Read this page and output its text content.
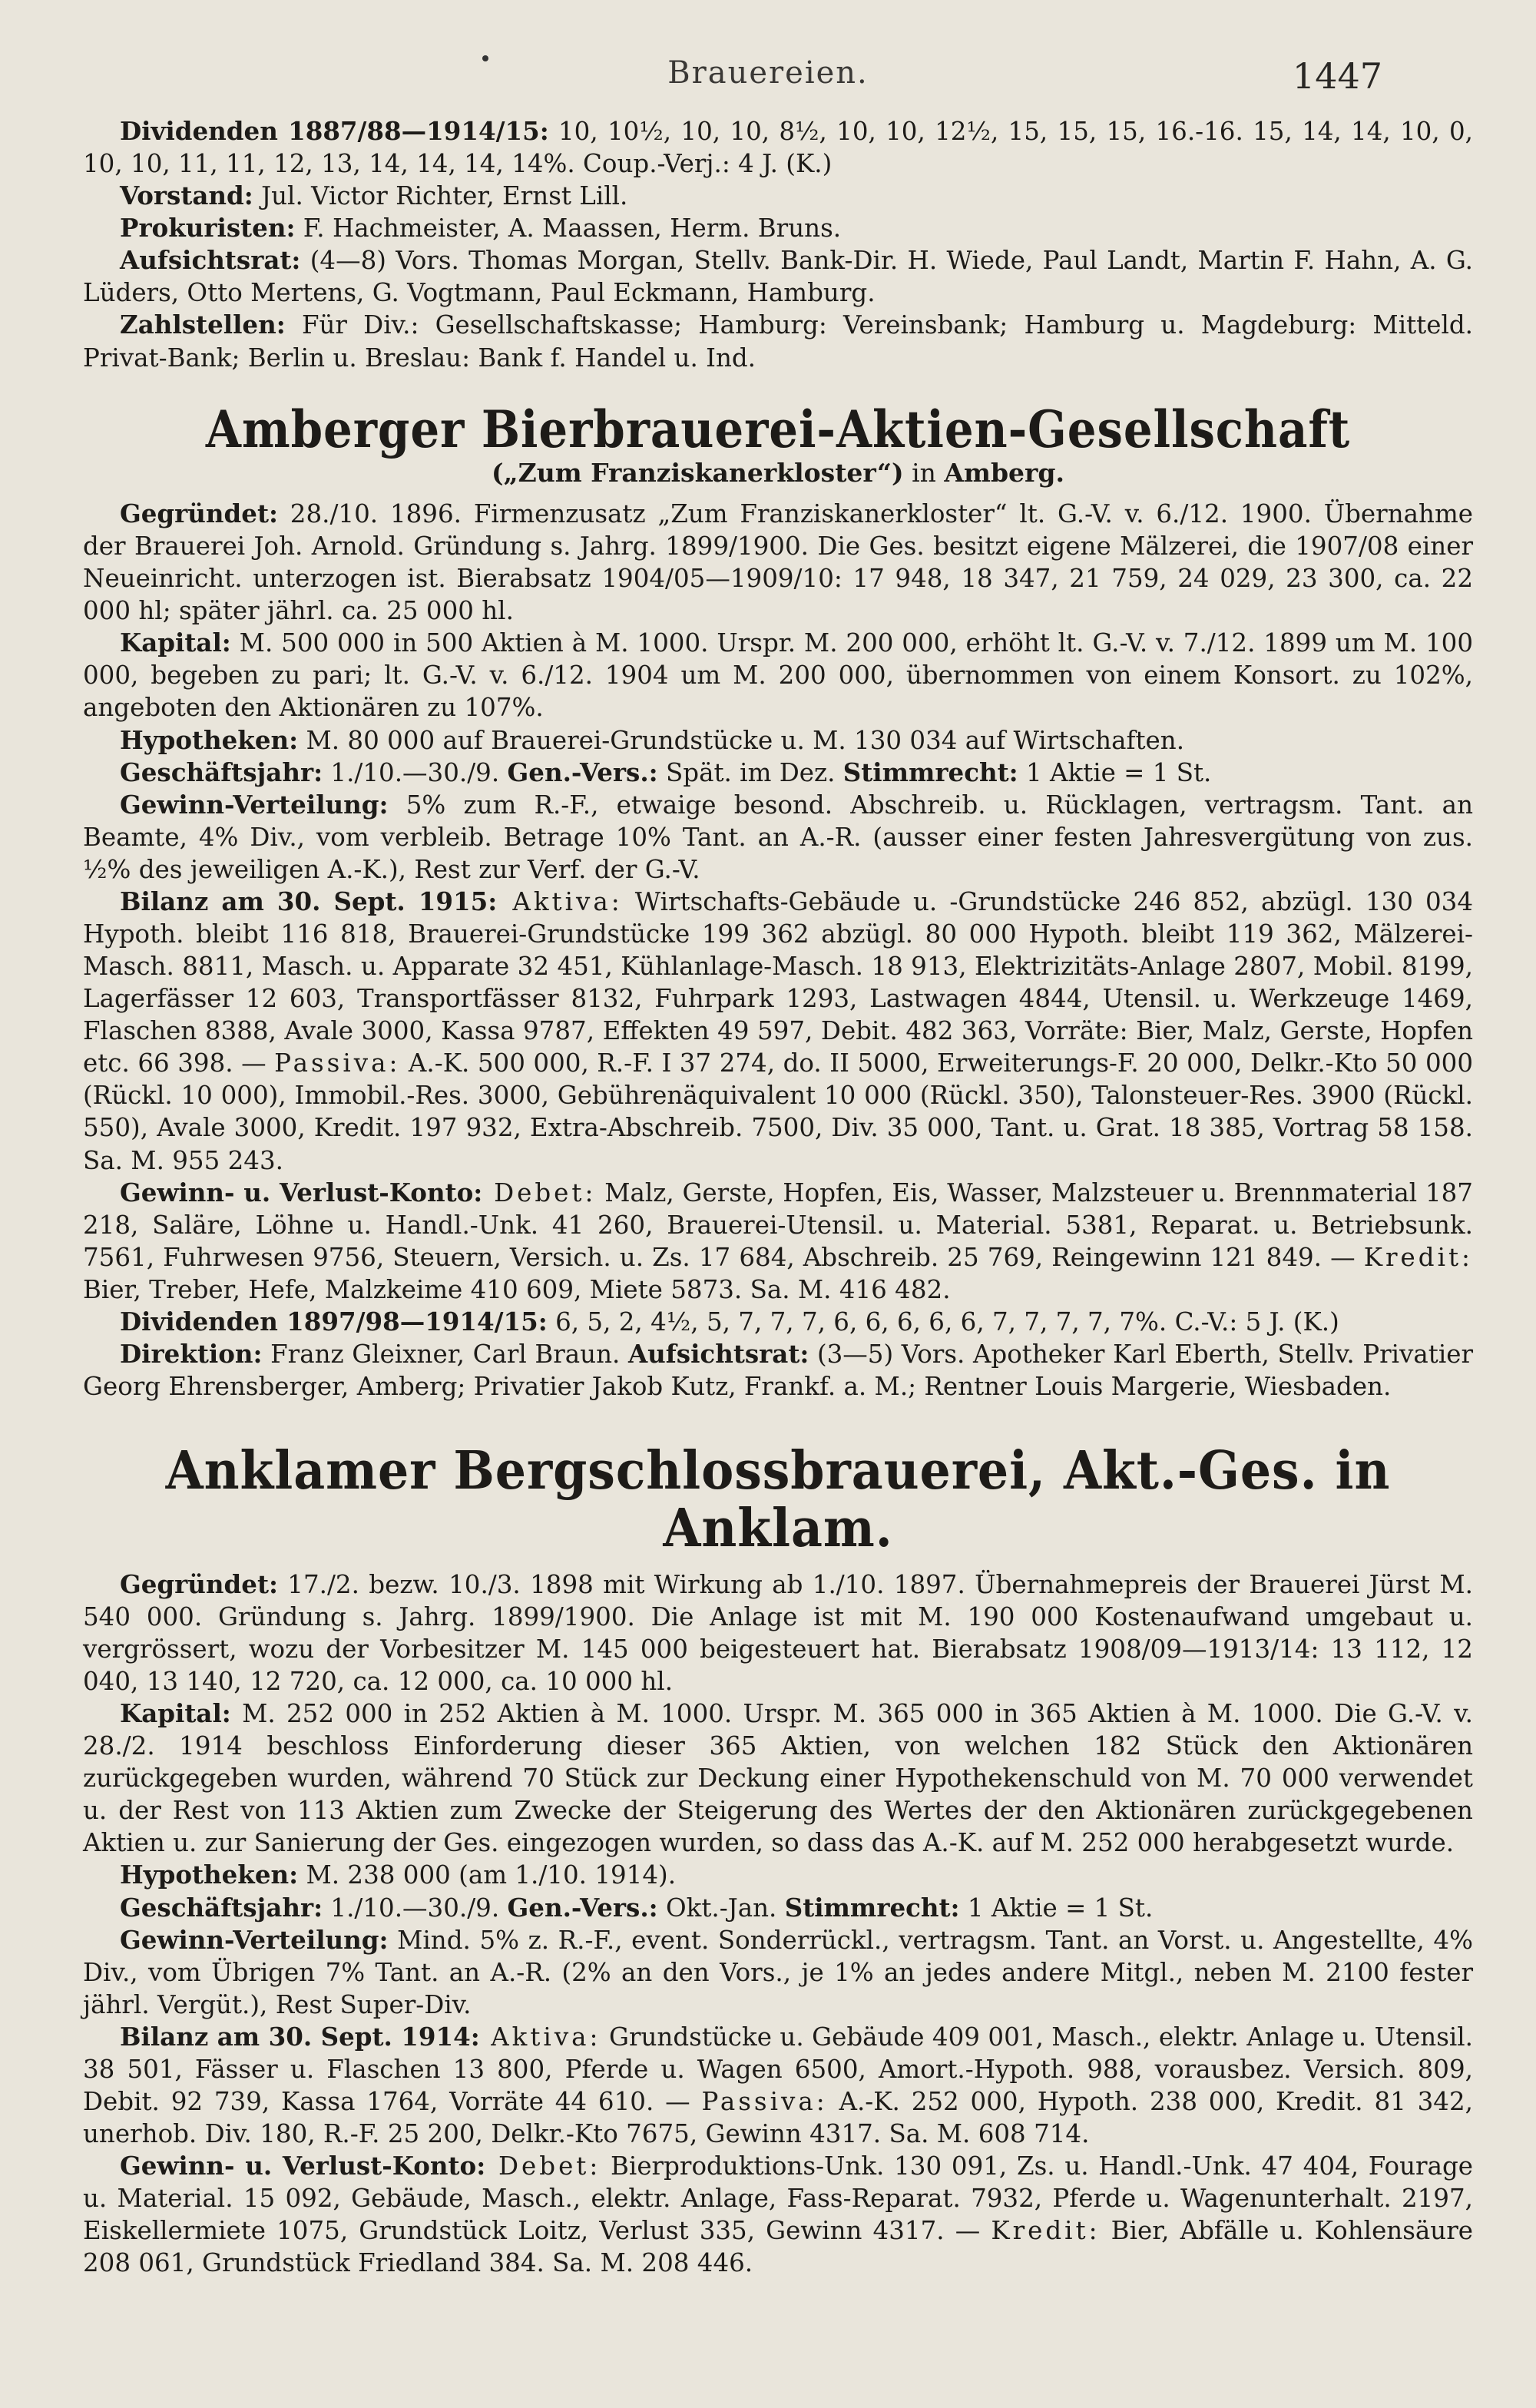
Brauereien.	1447

Dividenden 1887/88—1914/15: 10, 10½, 10, 10, 8½, 10, 10, 12½, 15, 15, 15, 16.-16. 15, 14, 14, 10, 0, 10, 10, 11, 11, 12, 13, 14, 14, 14, 14%. Coup.-Verj.: 4 J. (K.)

Vorstand: Jul. Victor Richter, Ernst Lill.

Prokuristen: F. Hachmeister, A. Maassen, Herm. Bruns.

Aufsichtsrat: (4—8) Vors. Thomas Morgan, Stellv. Bank-Dir. H. Wiede, Paul Landt, Martin F. Hahn, A. G. Lüders, Otto Mertens, G. Vogtmann, Paul Eckmann, Hamburg.

Zahlstellen: Für Div.: Gesellschaftskasse; Hamburg: Vereinsbank; Hamburg u. Magdeburg: Mitteld. Privat-Bank; Berlin u. Breslau: Bank f. Handel u. Ind.

Amberger Bierbrauerei-Aktien-Gesellschaft
(„Zum Franziskanerkloster“) in Amberg.

Gegründet: 28./10. 1896. Firmenzusatz „Zum Franziskanerkloster“ lt. G.-V. v. 6./12. 1900. Übernahme der Brauerei Joh. Arnold. Gründung s. Jahrg. 1899/1900. Die Ges. besitzt eigene Mälzerei, die 1907/08 einer Neueinricht. unterzogen ist. Bierabsatz 1904/05—1909/10: 17 948, 18 347, 21 759, 24 029, 23 300, ca. 22 000 hl; später jährl. ca. 25 000 hl.

Kapital: M. 500 000 in 500 Aktien à M. 1000. Urspr. M. 200 000, erhöht lt. G.-V. v. 7./12. 1899 um M. 100 000, begeben zu pari; lt. G.-V. v. 6./12. 1904 um M. 200 000, übernommen von einem Konsort. zu 102%, angeboten den Aktionären zu 107%.

Hypotheken: M. 80 000 auf Brauerei-Grundstücke u. M. 130 034 auf Wirtschaften.

Geschäftsjahr: 1./10.—30./9. Gen.-Vers.: Spät. im Dez. Stimmrecht: 1 Aktie = 1 St.

Gewinn-Verteilung: 5% zum R.-F., etwaige besond. Abschreib. u. Rücklagen, vertragsm. Tant. an Beamte, 4% Div., vom verbleib. Betrage 10% Tant. an A.-R. (ausser einer festen Jahresvergütung von zus. ½% des jeweiligen A.-K.), Rest zur Verf. der G.-V.

Bilanz am 30. Sept. 1915: Aktiva: Wirtschafts-Gebäude u. -Grundstücke 246 852, abzügl. 130 034 Hypoth. bleibt 116 818, Brauerei-Grundstücke 199 362 abzügl. 80 000 Hypoth. bleibt 119 362, Mälzerei-Masch. 8811, Masch. u. Apparate 32 451, Kühlanlage-Masch. 18 913, Elektrizitäts-Anlage 2807, Mobil. 8199, Lagerfässer 12 603, Transportfässer 8132, Fuhrpark 1293, Lastwagen 4844, Utensil. u. Werkzeuge 1469, Flaschen 8388, Avale 3000, Kassa 9787, Effekten 49 597, Debit. 482 363, Vorräte: Bier, Malz, Gerste, Hopfen etc. 66 398. — Passiva: A.-K. 500 000, R.-F. I 37 274, do. II 5000, Erweiterungs-F. 20 000, Delkr.-Kto 50 000 (Rückl. 10 000), Immobil.-Res. 3000, Gebührenäquivalent 10 000 (Rückl. 350), Talonsteuer-Res. 3900 (Rückl. 550), Avale 3000, Kredit. 197 932, Extra-Abschreib. 7500, Div. 35 000, Tant. u. Grat. 18 385, Vortrag 58 158. Sa. M. 955 243.

Gewinn- u. Verlust-Konto: Debet: Malz, Gerste, Hopfen, Eis, Wasser, Malzsteuer u. Brennmaterial 187 218, Saläre, Löhne u. Handl.-Unk. 41 260, Brauerei-Utensil. u. Material. 5381, Reparat. u. Betriebsunk. 7561, Fuhrwesen 9756, Steuern, Versich. u. Zs. 17 684, Abschreib. 25 769, Reingewinn 121 849. — Kredit: Bier, Treber, Hefe, Malzkeime 410 609, Miete 5873. Sa. M. 416 482.

Dividenden 1897/98—1914/15: 6, 5, 2, 4½, 5, 7, 7, 7, 6, 6, 6, 6, 6, 7, 7, 7, 7, 7%. C.-V.: 5 J. (K.)

Direktion: Franz Gleixner, Carl Braun. Aufsichtsrat: (3—5) Vors. Apotheker Karl Eberth, Stellv. Privatier Georg Ehrensberger, Amberg; Privatier Jakob Kutz, Frankf. a. M.; Rentner Louis Margerie, Wiesbaden.

Anklamer Bergschlossbrauerei, Akt.-Ges. in Anklam.

Gegründet: 17./2. bezw. 10./3. 1898 mit Wirkung ab 1./10. 1897. Übernahmepreis der Brauerei Jürst M. 540 000. Gründung s. Jahrg. 1899/1900. Die Anlage ist mit M. 190 000 Kostenaufwand umgebaut u. vergrössert, wozu der Vorbesitzer M. 145 000 beigesteuert hat. Bierabsatz 1908/09—1913/14: 13 112, 12 040, 13 140, 12 720, ca. 12 000, ca. 10 000 hl.

Kapital: M. 252 000 in 252 Aktien à M. 1000. Urspr. M. 365 000 in 365 Aktien à M. 1000. Die G.-V. v. 28./2. 1914 beschloss Einforderung dieser 365 Aktien, von welchen 182 Stück den Aktionären zurückgegeben wurden, während 70 Stück zur Deckung einer Hypothekenschuld von M. 70 000 verwendet u. der Rest von 113 Aktien zum Zwecke der Steigerung des Wertes der den Aktionären zurückgegebenen Aktien u. zur Sanierung der Ges. eingezogen wurden, so dass das A.-K. auf M. 252 000 herabgesetzt wurde.

Hypotheken: M. 238 000 (am 1./10. 1914).

Geschäftsjahr: 1./10.—30./9. Gen.-Vers.: Okt.-Jan. Stimmrecht: 1 Aktie = 1 St.

Gewinn-Verteilung: Mind. 5% z. R.-F., event. Sonderrückl., vertragsm. Tant. an Vorst. u. Angestellte, 4% Div., vom Übrigen 7% Tant. an A.-R. (2% an den Vors., je 1% an jedes andere Mitgl., neben M. 2100 fester jährl. Vergüt.), Rest Super-Div.

Bilanz am 30. Sept. 1914: Aktiva: Grundstücke u. Gebäude 409 001, Masch., elektr. Anlage u. Utensil. 38 501, Fässer u. Flaschen 13 800, Pferde u. Wagen 6500, Amort.-Hypoth. 988, vorausbez. Versich. 809, Debit. 92 739, Kassa 1764, Vorräte 44 610. — Passiva: A.-K. 252 000, Hypoth. 238 000, Kredit. 81 342, unerhob. Div. 180, R.-F. 25 200, Delkr.-Kto 7675, Gewinn 4317. Sa. M. 608 714.

Gewinn- u. Verlust-Konto: Debet: Bierproduktions-Unk. 130 091, Zs. u. Handl.-Unk. 47 404, Fourage u. Material. 15 092, Gebäude, Masch., elektr. Anlage, Fass-Reparat. 7932, Pferde u. Wagenunterhalt. 2197, Eiskellermiete 1075, Grundstück Loitz, Verlust 335, Gewinn 4317. — Kredit: Bier, Abfälle u. Kohlensäure 208 061, Grundstück Friedland 384. Sa. M. 208 446.
